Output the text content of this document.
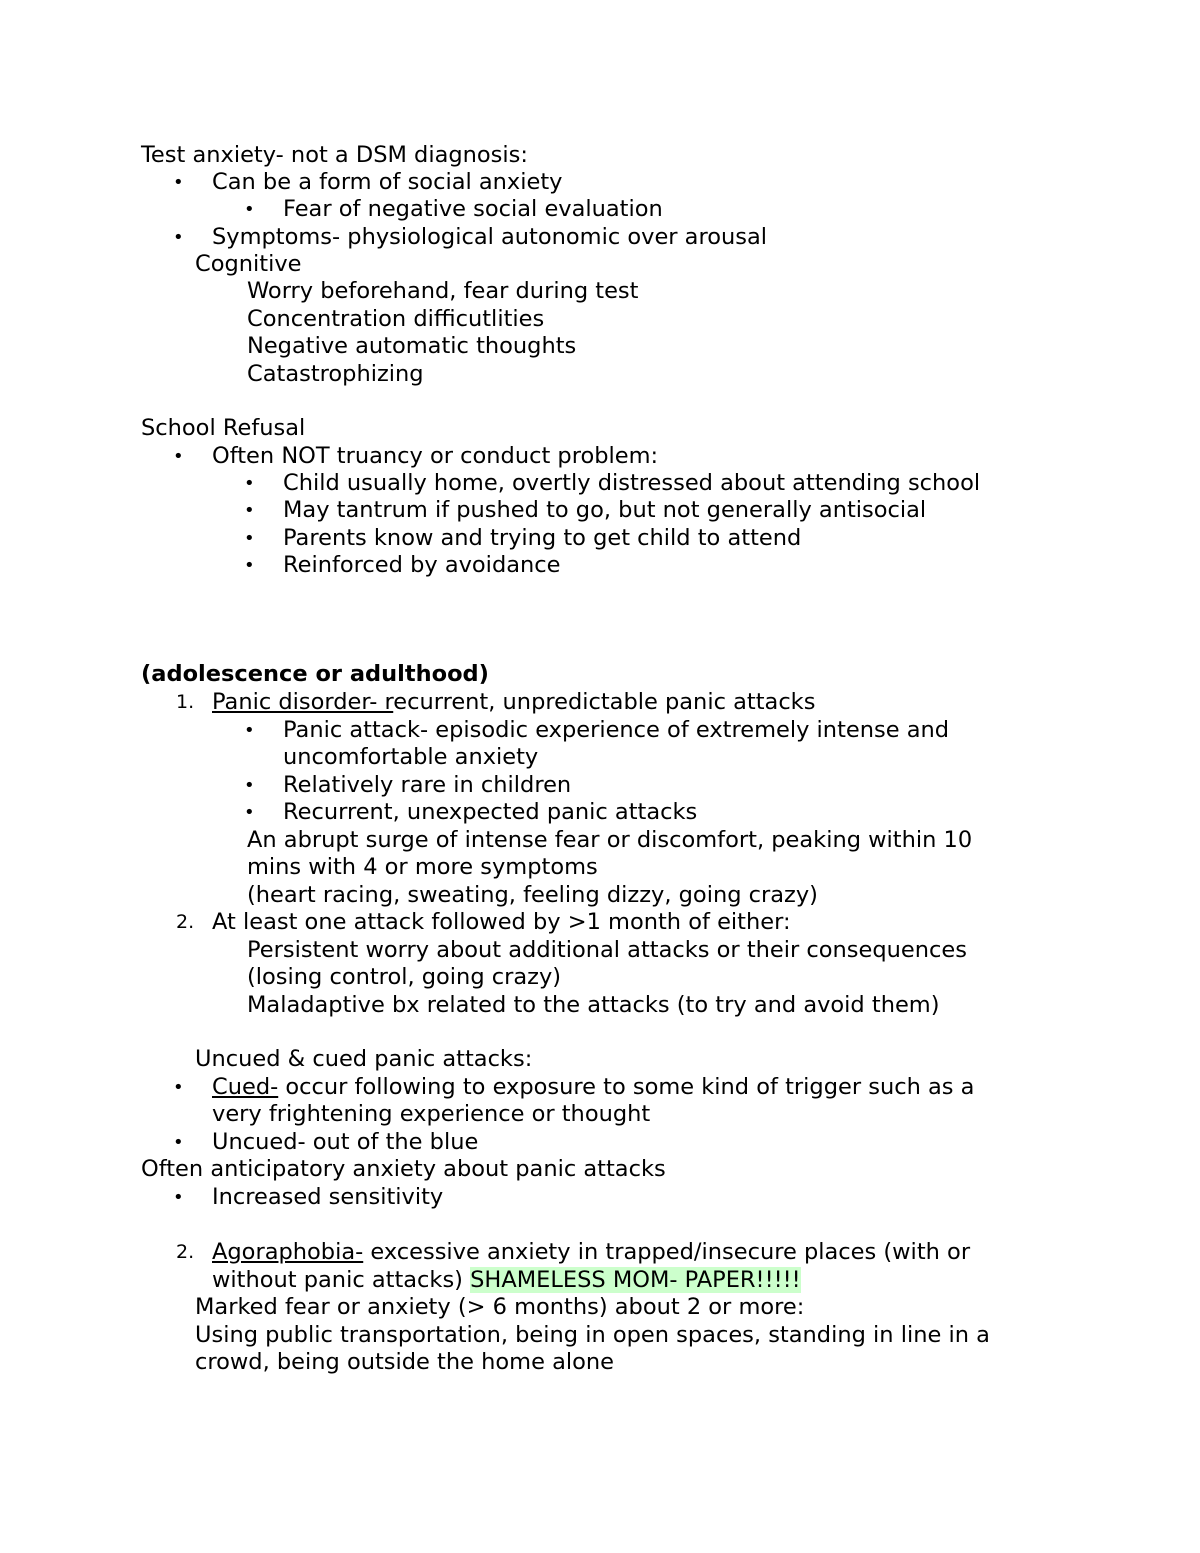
Test anxiety- not a DSM diagnosis:
• Can be a form of social anxiety
• Fear of negative social evaluation
• Symptoms- physiological autonomic over arousal
Cognitive
Worry beforehand, fear during test
Concentration difficutlities
Negative automatic thoughts
Catastrophizing
School Refusal
• Often NOT truancy or conduct problem:
• Child usually home, overtly distressed about attending school
• May tantrum if pushed to go, but not generally antisocial
• Parents know and trying to get child to attend
• Reinforced by avoidance
(adolescence or adulthood)
1. Panic disorder- recurrent, unpredictable panic attacks
• Panic attack- episodic experience of extremely intense and
uncomfortable anxiety
• Relatively rare in children
• Recurrent, unexpected panic attacks
An abrupt surge of intense fear or discomfort, peaking within 10
mins with 4 or more symptoms
(heart racing, sweating, feeling dizzy, going crazy)
2. At least one attack followed by >1 month of either:
Persistent worry about additional attacks or their consequences
(losing control, going crazy)
Maladaptive bx related to the attacks (to try and avoid them)
Uncued & cued panic attacks:
• Cued- occur following to exposure to some kind of trigger such as a
very frightening experience or thought
• Uncued- out of the blue
Often anticipatory anxiety about panic attacks
• Increased sensitivity
2. Agoraphobia- excessive anxiety in trapped/insecure places (with or
without panic attacks) SHAMELESS MOM- PAPER!!!!!
Marked fear or anxiety (> 6 months) about 2 or more:
Using public transportation, being in open spaces, standing in line in a
crowd, being outside the home alone
